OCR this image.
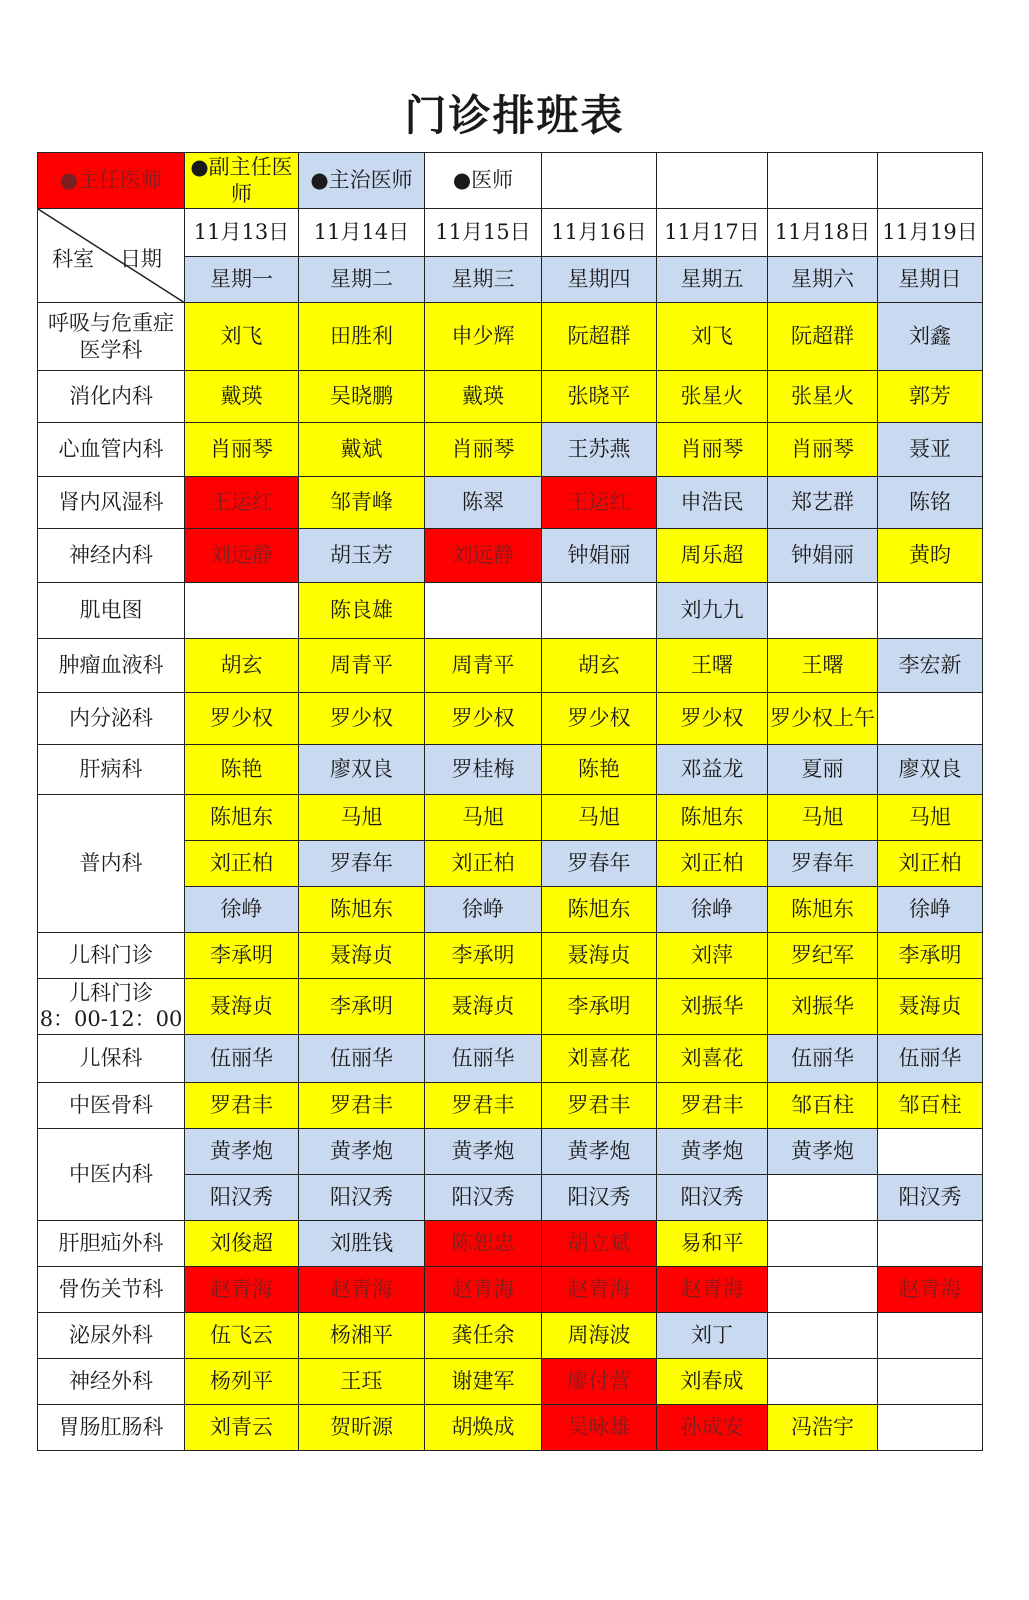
门诊排班表
●主任医师	●副主任医师	●主治医师	●医师				

科室 日期	11月13日	11月14日	11月15日	11月16日	11月17日	11月18日	11月19日
	星期一	星期二	星期三	星期四	星期五	星期六	星期日
呼吸与危重症医学科	刘飞	田胜利	申少辉	阮超群	刘飞	阮超群	刘鑫
消化内科	戴瑛	吴晓鹏	戴瑛	张晓平	张星火	张星火	郭芳
心血管内科	肖丽琴	戴斌	肖丽琴	王苏燕	肖丽琴	肖丽琴	聂亚
肾内风湿科	王运红	邹青峰	陈翠	王运红	申浩民	郑艺群	陈铭
神经内科	刘远静	胡玉芳	刘远静	钟娟丽	周乐超	钟娟丽	黄昀
肌电图		陈良雄			刘九九		
肿瘤血液科	胡玄	周青平	周青平	胡玄	王曙	王曙	李宏新
内分泌科	罗少权	罗少权	罗少权	罗少权	罗少权	罗少权上午	
肝病科	陈艳	廖双良	罗桂梅	陈艳	邓益龙	夏丽	廖双良
普内科	陈旭东	马旭	马旭	马旭	陈旭东	马旭	马旭
	刘正柏	罗春年	刘正柏	罗春年	刘正柏	罗春年	刘正柏
	徐峥	陈旭东	徐峥	陈旭东	徐峥	陈旭东	徐峥
儿科门诊	李承明	聂海贞	李承明	聂海贞	刘萍	罗纪军	李承明
儿科门诊
8：00-12：00	聂海贞	李承明	聂海贞	李承明	刘振华	刘振华	聂海贞
儿保科	伍丽华	伍丽华	伍丽华	刘喜花	刘喜花	伍丽华	伍丽华
中医骨科	罗君丰	罗君丰	罗君丰	罗君丰	罗君丰	邹百柱	邹百柱
中医内科	黄孝炮	黄孝炮	黄孝炮	黄孝炮	黄孝炮	黄孝炮	
	阳汉秀	阳汉秀	阳汉秀	阳汉秀	阳汉秀		阳汉秀
肝胆疝外科	刘俊超	刘胜钱	陈恕忠	胡立斌	易和平		
骨伤关节科	赵青海	赵青海	赵青海	赵青海	赵青海		赵青海
泌尿外科	伍飞云	杨湘平	龚任余	周海波	刘丁		
神经外科	杨列平	王珏	谢建军	廖付营	刘春成		
胃肠肛肠科	刘青云	贺昕源	胡焕成	吴咏雄	孙成安	冯浩宇	
